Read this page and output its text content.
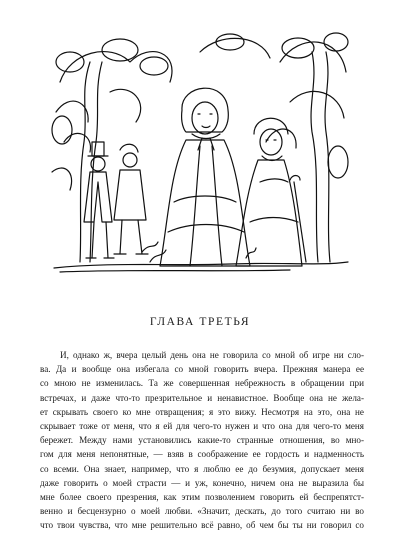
ГЛАВА ТРЕТЬЯ
И, однако ж, вчера целый день она не говорила со мной об игре ни сло-
ва. Да и вообще она избегала со мной говорить вчера. Прежняя манера ее
со мною не изменилась. Та же совершенная небрежность в обращении при
встречах, и даже что-то презрительное и ненавистное. Вообще она не жела-
ет скрывать своего ко мне отвращения; я это вижу. Несмотря на это, она не
скрывает тоже от меня, что я ей для чего-то нужен и что она для чего-то меня
бережет. Между нами установились какие-то странные отношения, во мно-
гом для меня непонятные, — взяв в соображение ее гордость и надменность
со всеми. Она знает, например, что я люблю ее до безумия, допускает меня
даже говорить о моей страсти — и уж, конечно, ничем она не выразила бы
мне более своего презрения, как этим позволением говорить ей беспрепятст-
венно и бесцензурно о моей любви. «Значит, дескать, до того считаю ни во
что твои чувства, что мне решительно всё равно, об чем бы ты ни говорил со
